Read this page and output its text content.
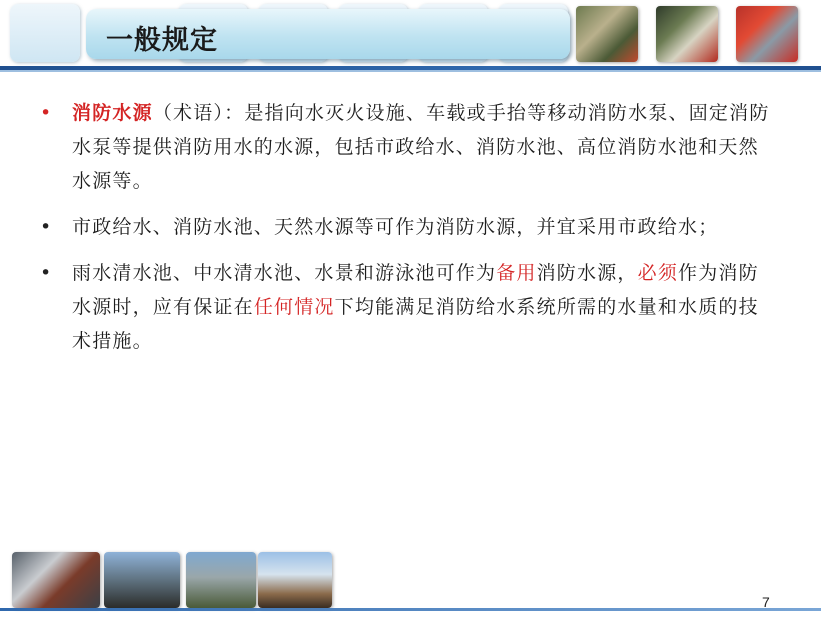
一般规定
• 消防水源（术语）：是指向水灭火设施、车载或手抬等移动消防水泵、固定消防水泵等提供消防用水的水源，包括市政给水、消防水池、高位消防水池和天然水源等。
• 市政给水、消防水池、天然水源等可作为消防水源，并宜采用市政给水；
• 雨水清水池、中水清水池、水景和游泳池可作为备用消防水源，必须作为消防水源时，应有保证在任何情况下均能满足消防给水系统所需的水量和水质的技术措施。
7
